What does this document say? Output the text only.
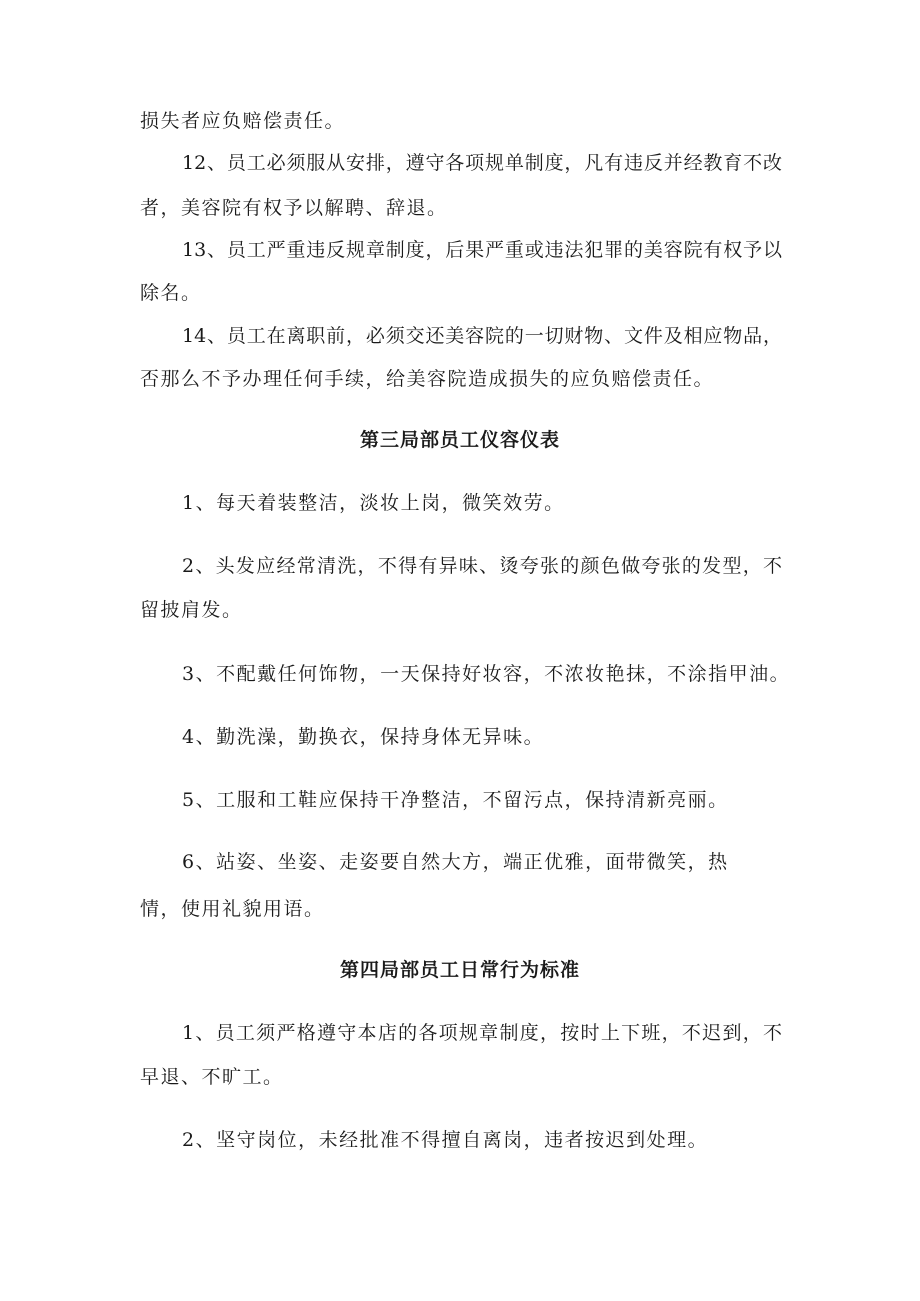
损失者应负赔偿责任。
12、员工必须服从安排，遵守各项规单制度，凡有违反并经教育不改
者，美容院有权予以解聘、辞退。
13、员工严重违反规章制度，后果严重或违法犯罪的美容院有权予以
除名。
14、员工在离职前，必须交还美容院的一切财物、文件及相应物品，
否那么不予办理任何手续，给美容院造成损失的应负赔偿责任。
第三局部员工仪容仪表
1、每天着装整洁，淡妆上岗，微笑效劳。
2、头发应经常清洗，不得有异味、烫夸张的颜色做夸张的发型，不
留披肩发。
3、不配戴任何饰物，一天保持好妆容，不浓妆艳抹，不涂指甲油。
4、勤洗澡，勤换衣，保持身体无异味。
5、工服和工鞋应保持干净整洁，不留污点，保持清新亮丽。
6、站姿、坐姿、走姿要自然大方，端正优雅，面带微笑，热
情，使用礼貌用语。
第四局部员工日常行为标准
1、员工须严格遵守本店的各项规章制度，按时上下班，不迟到，不
早退、不旷工。
2、坚守岗位，未经批准不得擅自离岗，违者按迟到处理。
